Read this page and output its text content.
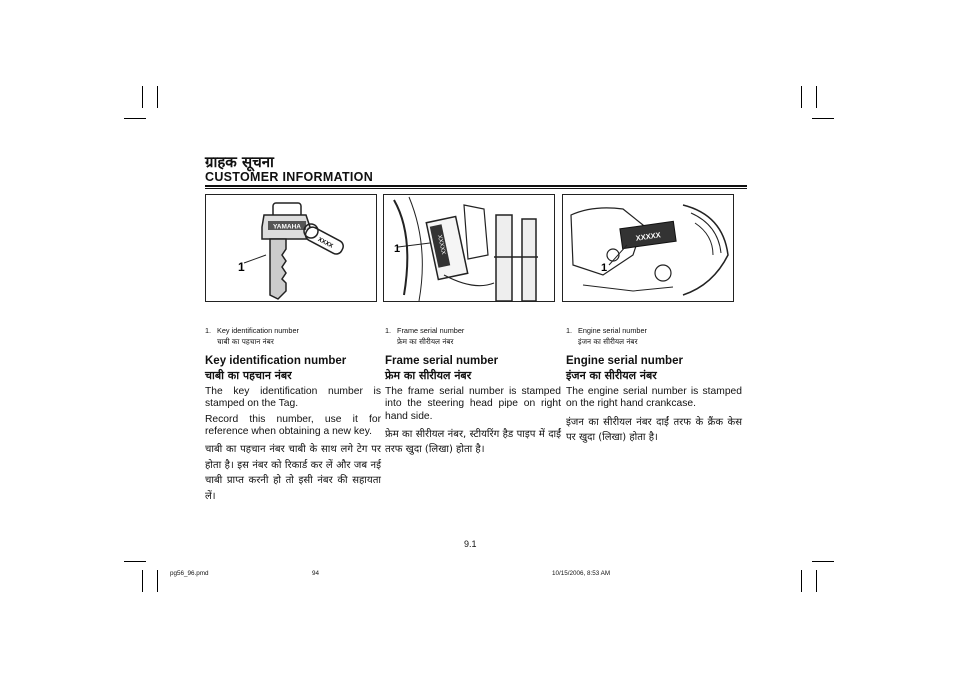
ग्राहक सूचना
CUSTOMER INFORMATION
YAMAHA
XXXX
1
XXXXX
1
XXXXX
1
1. Key identification number
चाबी का पहचान नंबर
Key identification number
चाबी का पहचान नंबर
The key identification number is stamped on the Tag.
Record this number, use it for reference when obtaining a new key.
चाबी का पहचान नंबर चाबी के साथ लगे टेग पर होता है। इस नंबर को रिकार्ड कर लें और जब नई चाबी प्राप्त करनी हो तो इसी नंबर की सहायता लें।
1. Frame serial number
फ्रेम का सीरीयल नंबर
Frame serial number
फ्रेम का सीरीयल नंबर
The frame serial number is stamped into the steering head pipe on right hand side.
फ्रेम का सीरीयल नंबर, स्टीयरिंग हैड पाइप में दाईं तरफ खुदा (लिखा) होता है।
1. Engine serial number
इंजन का सीरीयल नंबर
Engine serial number
इंजन का सीरीयल नंबर
The engine serial number is stamped on the right hand crankcase.
इंजन का सीरीयल नंबर दाईं तरफ के क्रैंक केस पर खुदा (लिखा) होता है।
9.1
pg56_96.pmd	94	10/15/2006, 8:53 AM
